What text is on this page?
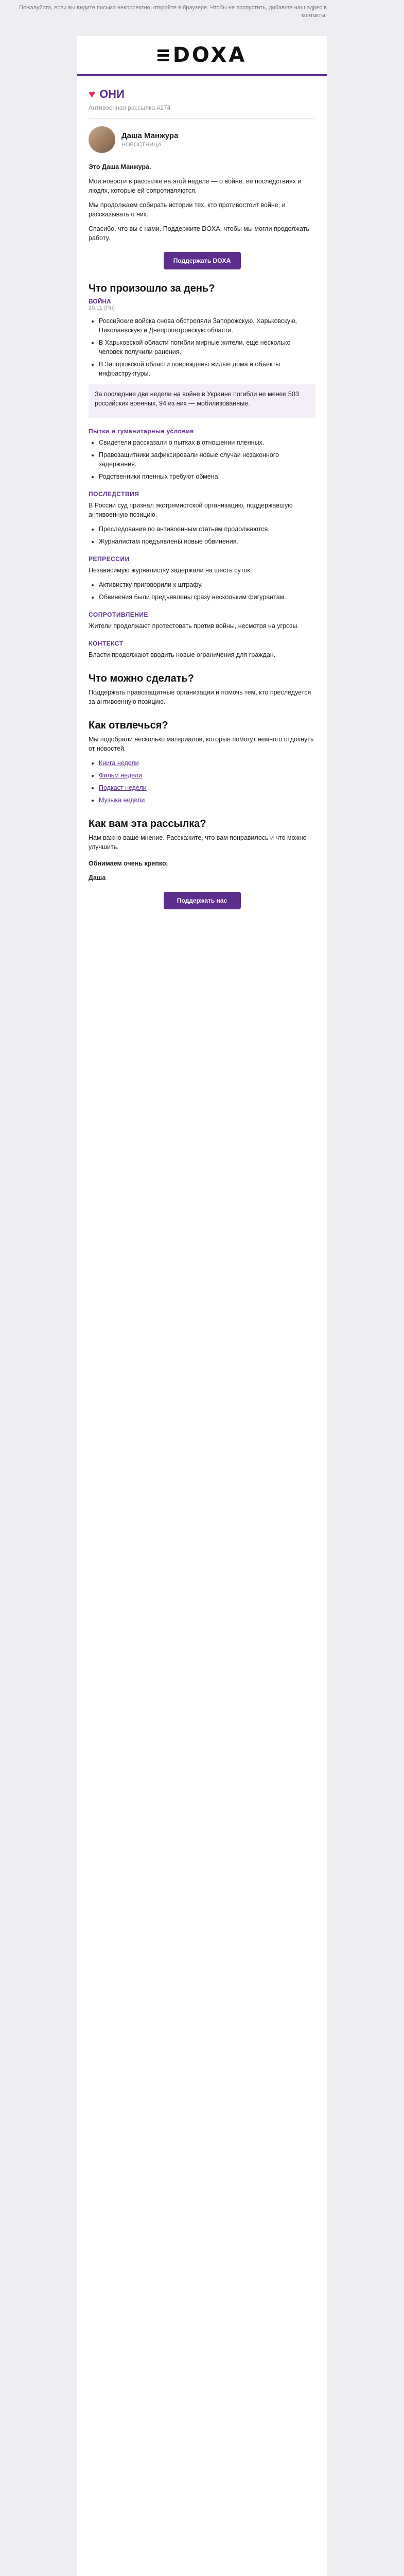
Пожалуйста, если вы видите письмо некорректно, откройте в браузере. Чтобы не пропустить, добавьте наш адрес в контакты.
DOXA
♥ ОНИ
Антивоенная рассылка #274
Даша Манжура
НОВОСТНИЦА

Это Даша Манжура.

Мои новости в рассылке на этой неделе — о войне, ее последствиях и людях, которые ей сопротивляются.

Мы продолжаем собирать истории тех, кто противостоит войне, и рассказывать о них.

Спасибо, что вы с нами. Поддержите DOXA, чтобы мы могли продолжать работу.

Поддержать DOXA
Что произошло за день?
ВОЙНА
20.11 (Пн)
• Российские войска снова обстреляли Запорожскую, Харьковскую, Николаевскую и Днепропетровскую области.
• В Харьковской области погибли мирные жители, еще несколько человек получили ранения.
• В Запорожской области повреждены жилые дома и объекты инфраструктуры.

За последние две недели на войне в Украине погибли не менее 503 российских военных, 94 из них — мобилизованные.

Пытки и гуманитарные условия
• Свидетели рассказали о пытках в отношении пленных.
• Правозащитники зафиксировали новые случаи незаконного задержания.
• Родственники пленных требуют обмена.
ПОСЛЕДСТВИЯ

В России суд признал экстремистской организацию, поддержавшую антивоенную позицию.

• Преследования по антивоенным статьям продолжаются.
• Журналистам предъявлены новые обвинения.
РЕПРЕССИИ

Независимую журналистку задержали на шесть суток.

• Активистку приговорили к штрафу.
• Обвинения были предъявлены сразу нескольким фигурантам.
СОПРОТИВЛЕНИЕ

Жители продолжают протестовать против войны, несмотря на угрозы.

КОНТЕКСТ

Власти продолжают вводить новые ограничения для граждан.

Что можно сделать?

Поддержать правозащитные организации и помочь тем, кто преследуется за антивоенную позицию.

Как отвлечься?

Мы подобрали несколько материалов, которые помогут немного отдохнуть от новостей.

• Книга недели
• Фильм недели
• Подкаст недели
• Музыка недели
Как вам эта рассылка?

Нам важно ваше мнение. Расскажите, что вам понравилось и что можно улучшить.

Обнимаем очень крепко,

Даша

Поддержать нас
